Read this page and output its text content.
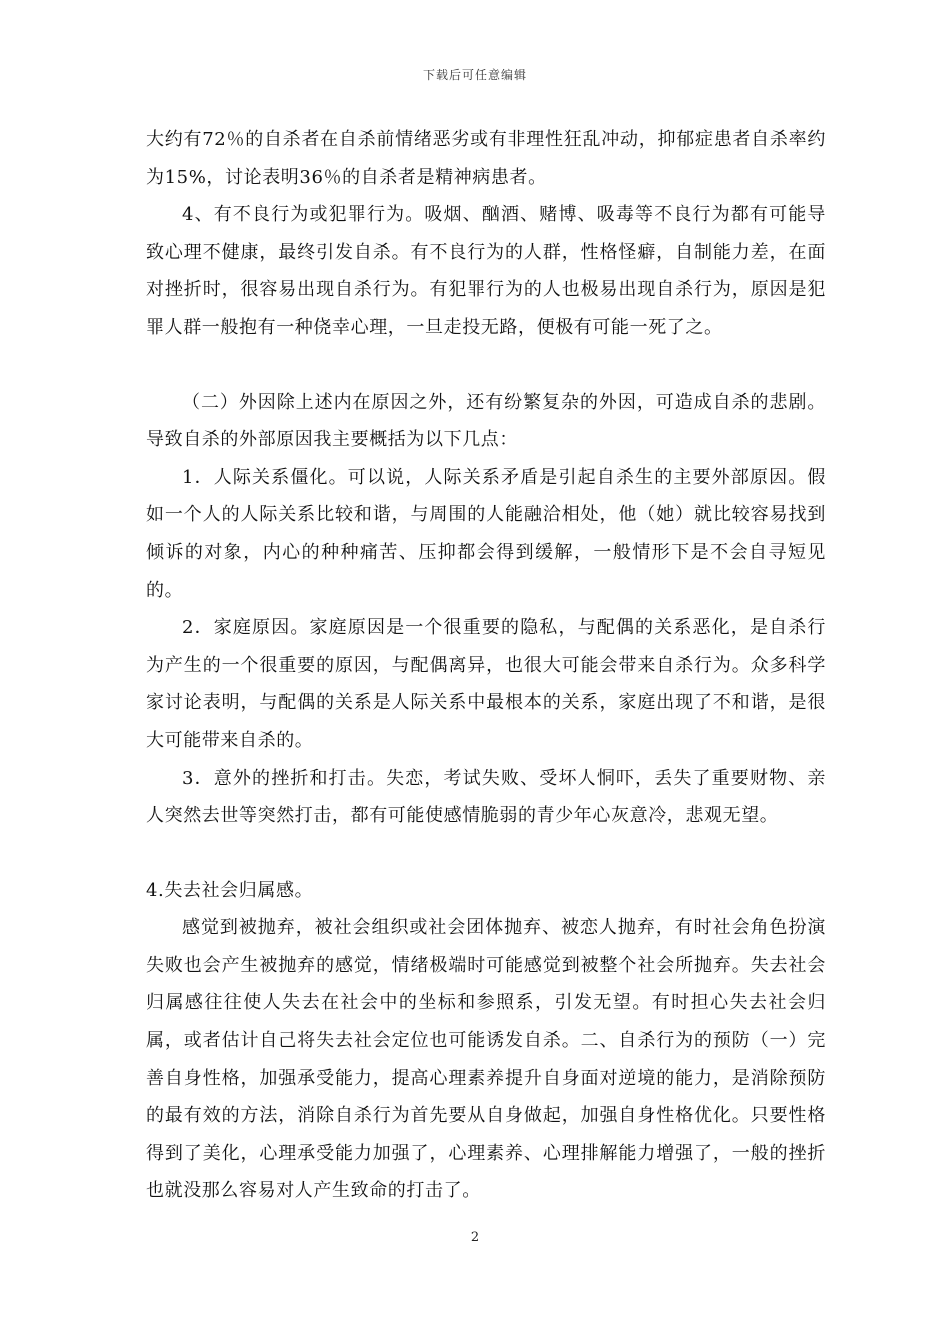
下载后可任意编辑

大约有72％的自杀者在自杀前情绪恶劣或有非理性狂乱冲动，抑郁症患者自杀率约为15%，讨论表明36％的自杀者是精神病患者。

4、有不良行为或犯罪行为。吸烟、酗酒、赌博、吸毒等不良行为都有可能导致心理不健康，最终引发自杀。有不良行为的人群，性格怪癖，自制能力差，在面对挫折时，很容易出现自杀行为。有犯罪行为的人也极易出现自杀行为，原因是犯罪人群一般抱有一种侥幸心理，一旦走投无路，便极有可能一死了之。

（二）外因除上述内在原因之外，还有纷繁复杂的外因，可造成自杀的悲剧。导致自杀的外部原因我主要概括为以下几点：

1．人际关系僵化。可以说，人际关系矛盾是引起自杀生的主要外部原因。假如一个人的人际关系比较和谐，与周围的人能融洽相处，他（她）就比较容易找到倾诉的对象，内心的种种痛苦、压抑都会得到缓解，一般情形下是不会自寻短见的。

2．家庭原因。家庭原因是一个很重要的隐私，与配偶的关系恶化，是自杀行为产生的一个很重要的原因，与配偶离异，也很大可能会带来自杀行为。众多科学家讨论表明，与配偶的关系是人际关系中最根本的关系，家庭出现了不和谐，是很大可能带来自杀的。

3．意外的挫折和打击。失恋，考试失败、受坏人恫吓，丢失了重要财物、亲人突然去世等突然打击，都有可能使感情脆弱的青少年心灰意冷，悲观无望。

4.失去社会归属感。

感觉到被抛弃，被社会组织或社会团体抛弃、被恋人抛弃，有时社会角色扮演失败也会产生被抛弃的感觉，情绪极端时可能感觉到被整个社会所抛弃。失去社会归属感往往使人失去在社会中的坐标和参照系，引发无望。有时担心失去社会归属，或者估计自己将失去社会定位也可能诱发自杀。二、自杀行为的预防（一）完善自身性格，加强承受能力，提高心理素养提升自身面对逆境的能力，是消除预防的最有效的方法，消除自杀行为首先要从自身做起，加强自身性格优化。只要性格得到了美化，心理承受能力加强了，心理素养、心理排解能力增强了，一般的挫折也就没那么容易对人产生致命的打击了。

2
